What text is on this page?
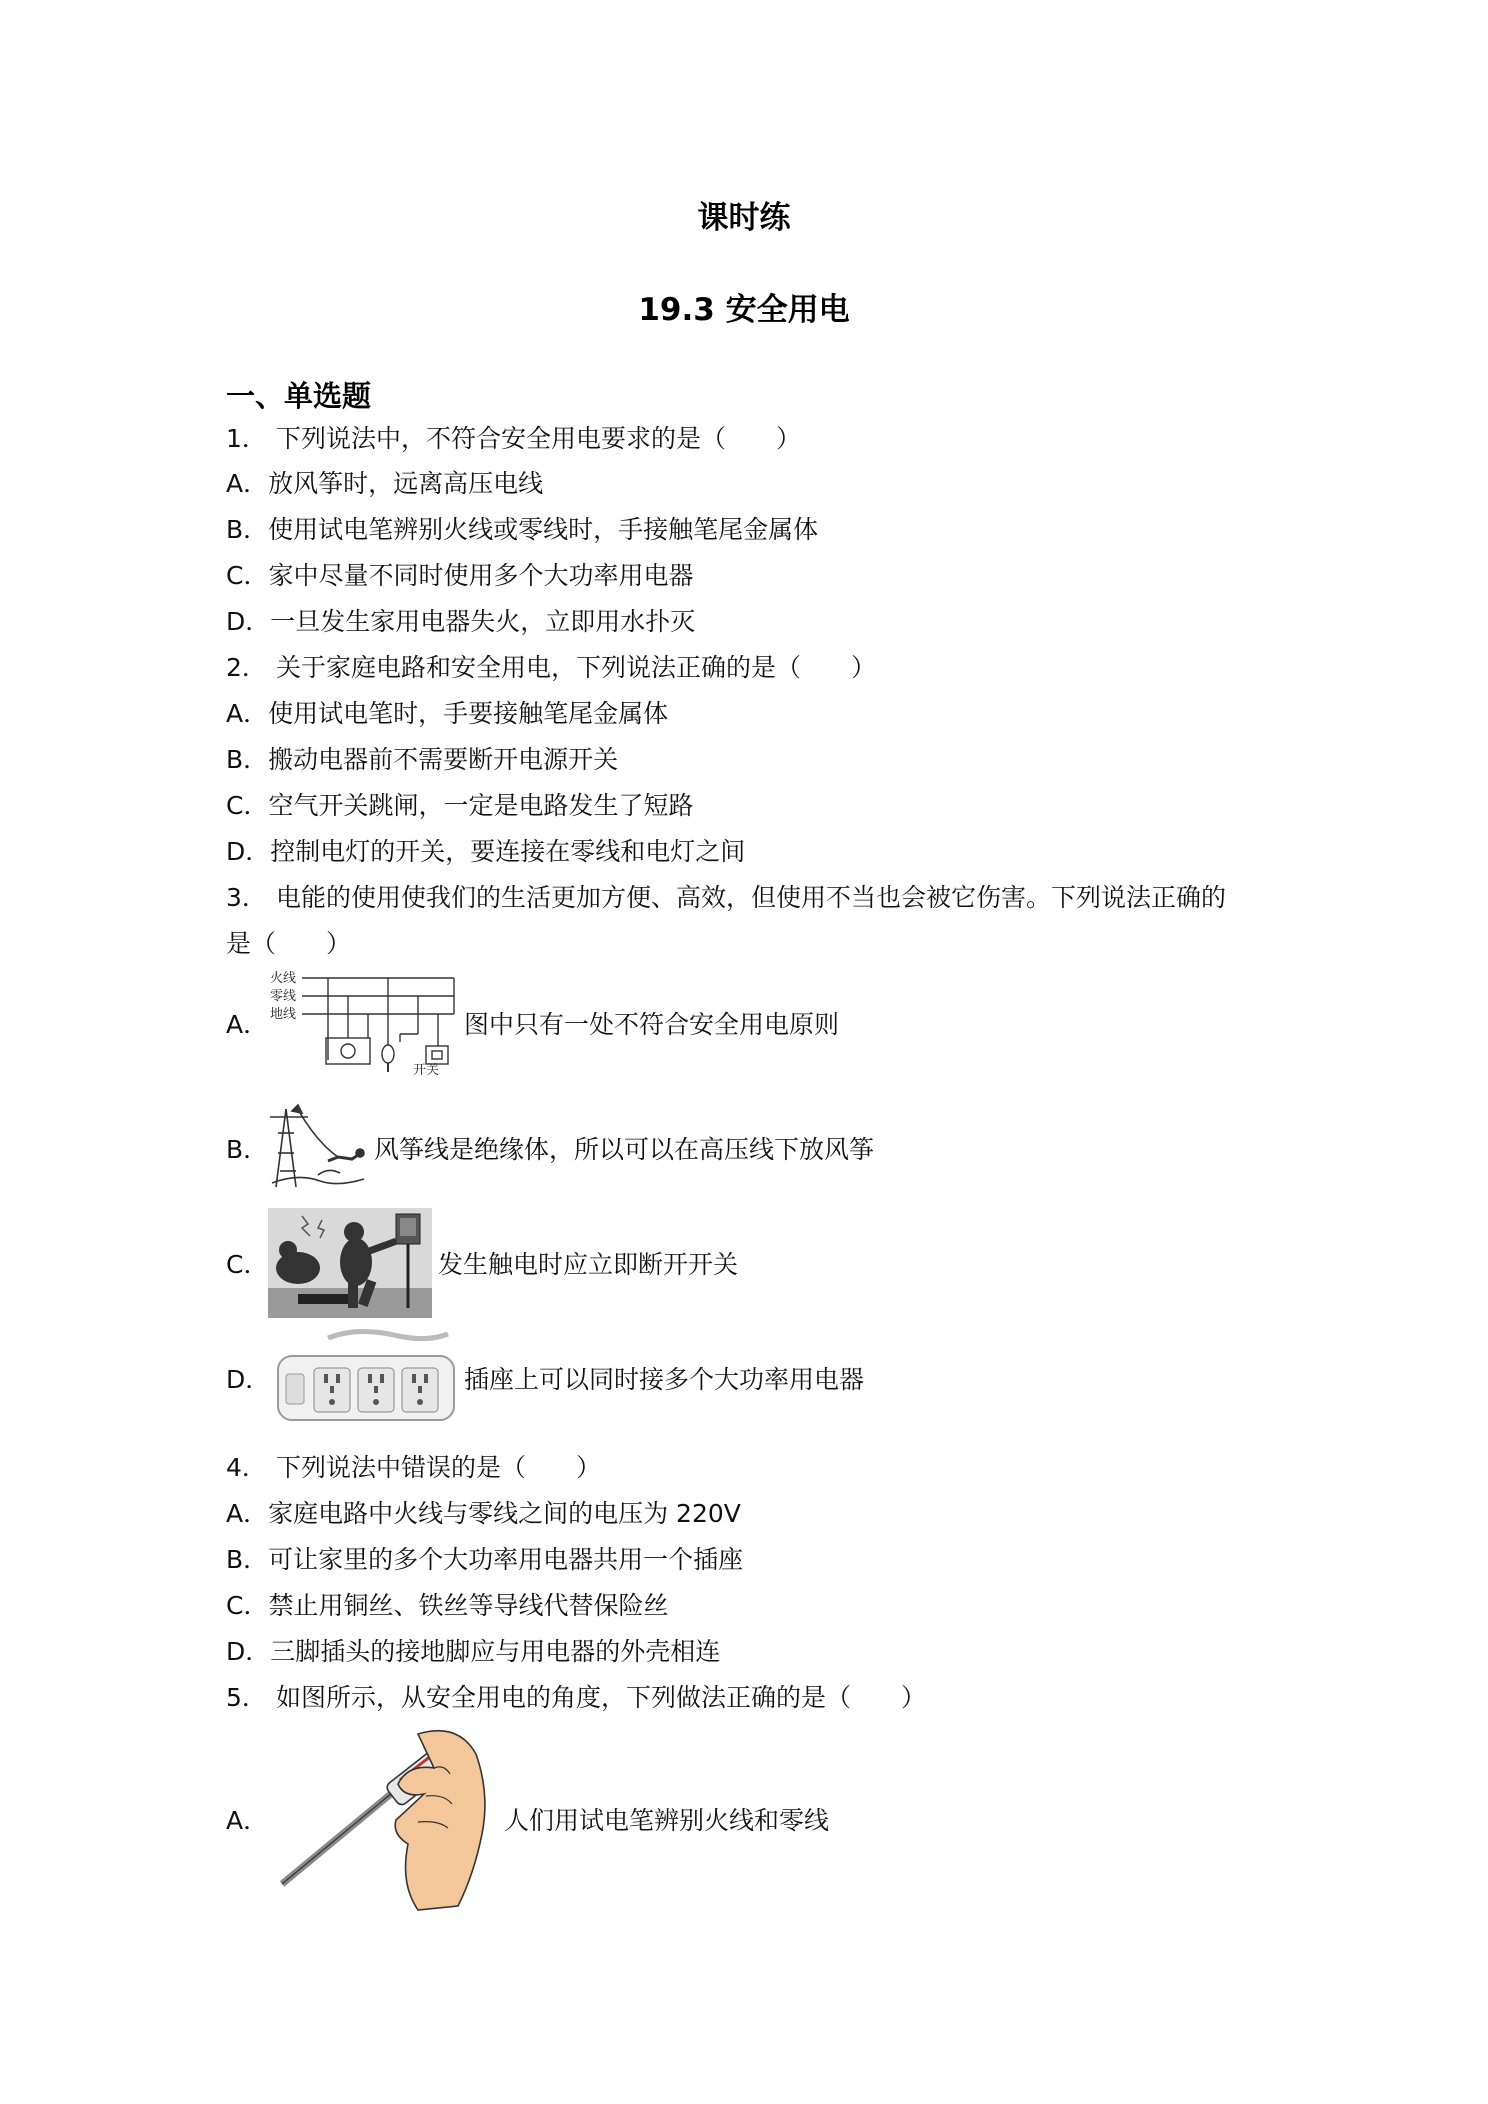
课时练
19.3 安全用电
一、单选题
1． 下列说法中，不符合安全用电要求的是（　　）
A．放风筝时，远离高压电线
B．使用试电笔辨别火线或零线时，手接触笔尾金属体
C．家中尽量不同时使用多个大功率用电器
D．一旦发生家用电器失火，立即用水扑灭
2． 关于家庭电路和安全用电，下列说法正确的是（　　）
A．使用试电笔时，手要接触笔尾金属体
B．搬动电器前不需要断开电源开关
C．空气开关跳闸，一定是电路发生了短路
D．控制电灯的开关，要连接在零线和电灯之间
3． 电能的使用使我们的生活更加方便、高效，但使用不当也会被它伤害。下列说法正确的
是（　　）
A．
火线
零线
地线
开关
图中只有一处不符合安全用电原则
B．	风筝线是绝缘体，所以可以在高压线下放风筝
C．	发生触电时应立即断开开关
D．	插座上可以同时接多个大功率用电器
4． 下列说法中错误的是（　　）
A．家庭电路中火线与零线之间的电压为 220V
B．可让家里的多个大功率用电器共用一个插座
C．禁止用铜丝、铁丝等导线代替保险丝
D．三脚插头的接地脚应与用电器的外壳相连
5． 如图所示，从安全用电的角度，下列做法正确的是（　　）
A．	人们用试电笔辨别火线和零线
